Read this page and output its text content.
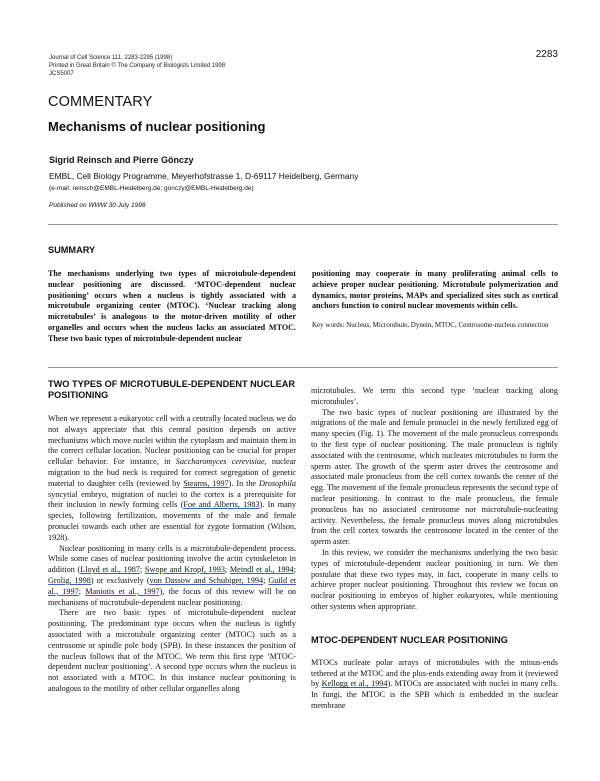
Journal of Cell Science 111, 2283-2295 (1998)
Printed in Great Britain © The Company of Biologists Limited 1998
JCS5007
2283
COMMENTARY
Mechanisms of nuclear positioning
Sigrid Reinsch and Pierre Gönczy
EMBL, Cell Biology Programme, Meyerhofstrasse 1, D-69117 Heidelberg, Germany
(e-mail: reinsch@EMBL-Heidelberg.de; gonczy@EMBL-Heidelberg.de)
Published on WWW 30 July 1998
SUMMARY
The mechanisms underlying two types of microtubule-dependent nuclear positioning are discussed. ‘MTOC-dependent nuclear positioning’ occurs when a nucleus is tightly associated with a microtubule organizing center (MTOC). ‘Nuclear tracking along microtubules’ is analogous to the motor-driven motility of other organelles and occurs when the nucleus lacks an associated MTOC. These two basic types of microtubule-dependent nuclear

positioning may cooperate in many proliferating animal cells to achieve proper nuclear positioning. Microtubule polymerization and dynamics, motor proteins, MAPs and specialized sites such as cortical anchors function to control nuclear movements within cells.

Key words: Nucleus, Microtubule, Dynein, MTOC, Centrosome-nucleus connection

TWO TYPES OF MICROTUBULE-DEPENDENT NUCLEAR POSITIONING

When we represent a eukaryotic cell with a centrally located nucleus we do not always appreciate that this central position depends on active mechanisms which move nuclei within the cytoplasm and maintain them in the correct cellular location. Nuclear positioning can be crucial for proper cellular behavior. For instance, in Saccharomyces cerevisiae, nuclear migration to the bud neck is required for correct segregation of genetic material to daughter cells (reviewed by Stearns, 1997). In the Drosophila syncytial embryo, migration of nuclei to the cortex is a prerequisite for their inclusion in newly forming cells (Foe and Alberts, 1983). In many species, following fertilization, movements of the male and female pronuclei towards each other are essential for zygote formation (Wilson, 1928).

Nuclear positioning in many cells is a microtubule-dependent process. While some cases of nuclear positioning involve the actin cytoskeleton in addition (Lloyd et al., 1987; Swope and Kropf, 1993; Meindl et al., 1994; Grolig, 1998) or exclusively (von Dassow and Schubiger, 1994; Guild et al., 1997; Maniotis et al., 1997), the focus of this review will be on mechanisms of microtubule-dependent nuclear positioning.

There are two basic types of microtubule-dependent nuclear positioning. The predominant type occurs when the nucleus is tightly associated with a microtubule organizing center (MTOC) such as a centrosome or spindle pole body (SPB). In these instances the position of the nucleus follows that of the MTOC. We term this first type ‘MTOC-dependent nuclear positioning’. A second type occurs when the nucleus is not associated with a MTOC. In this instance nuclear positioning is analogous to the motility of other cellular organelles along

microtubules. We term this second type ‘nuclear tracking along microtubules’.

The two basic types of nuclear positioning are illustrated by the migrations of the male and female pronuclei in the newly fertilized egg of many species (Fig. 1). The movement of the male pronucleus corresponds to the first type of nuclear positioning. The male pronucleus is tightly associated with the centrosome, which nucleates microtubules to form the sperm aster. The growth of the sperm aster drives the centrosome and associated male pronucleus from the cell cortex towards the center of the egg. The movement of the female pronucleus represents the second type of nuclear positioning. In contrast to the male pronucleus, the female pronucleus has no associated centrosome nor microtubule-nucleating activity. Nevertheless, the female pronucleus moves along microtubules from the cell cortex towards the centrosome located in the center of the sperm aster.

In this review, we consider the mechanisms underlying the two basic types of microtubule-dependent nuclear positioning in turn. We then postulate that these two types may, in fact, cooperate in many cells to achieve proper nuclear positioning. Throughout this review we focus on nuclear positioning in embryos of higher eukaryotes, while mentioning other systems when appropriate.

MTOC-DEPENDENT NUCLEAR POSITIONING

MTOCs nucleate polar arrays of microtubules with the minus-ends tethered at the MTOC and the plus-ends extending away from it (reviewed by Kellogg et al., 1994). MTOCs are associated with nuclei in many cells. In fungi, the MTOC is the SPB which is embedded in the nuclear membrane
